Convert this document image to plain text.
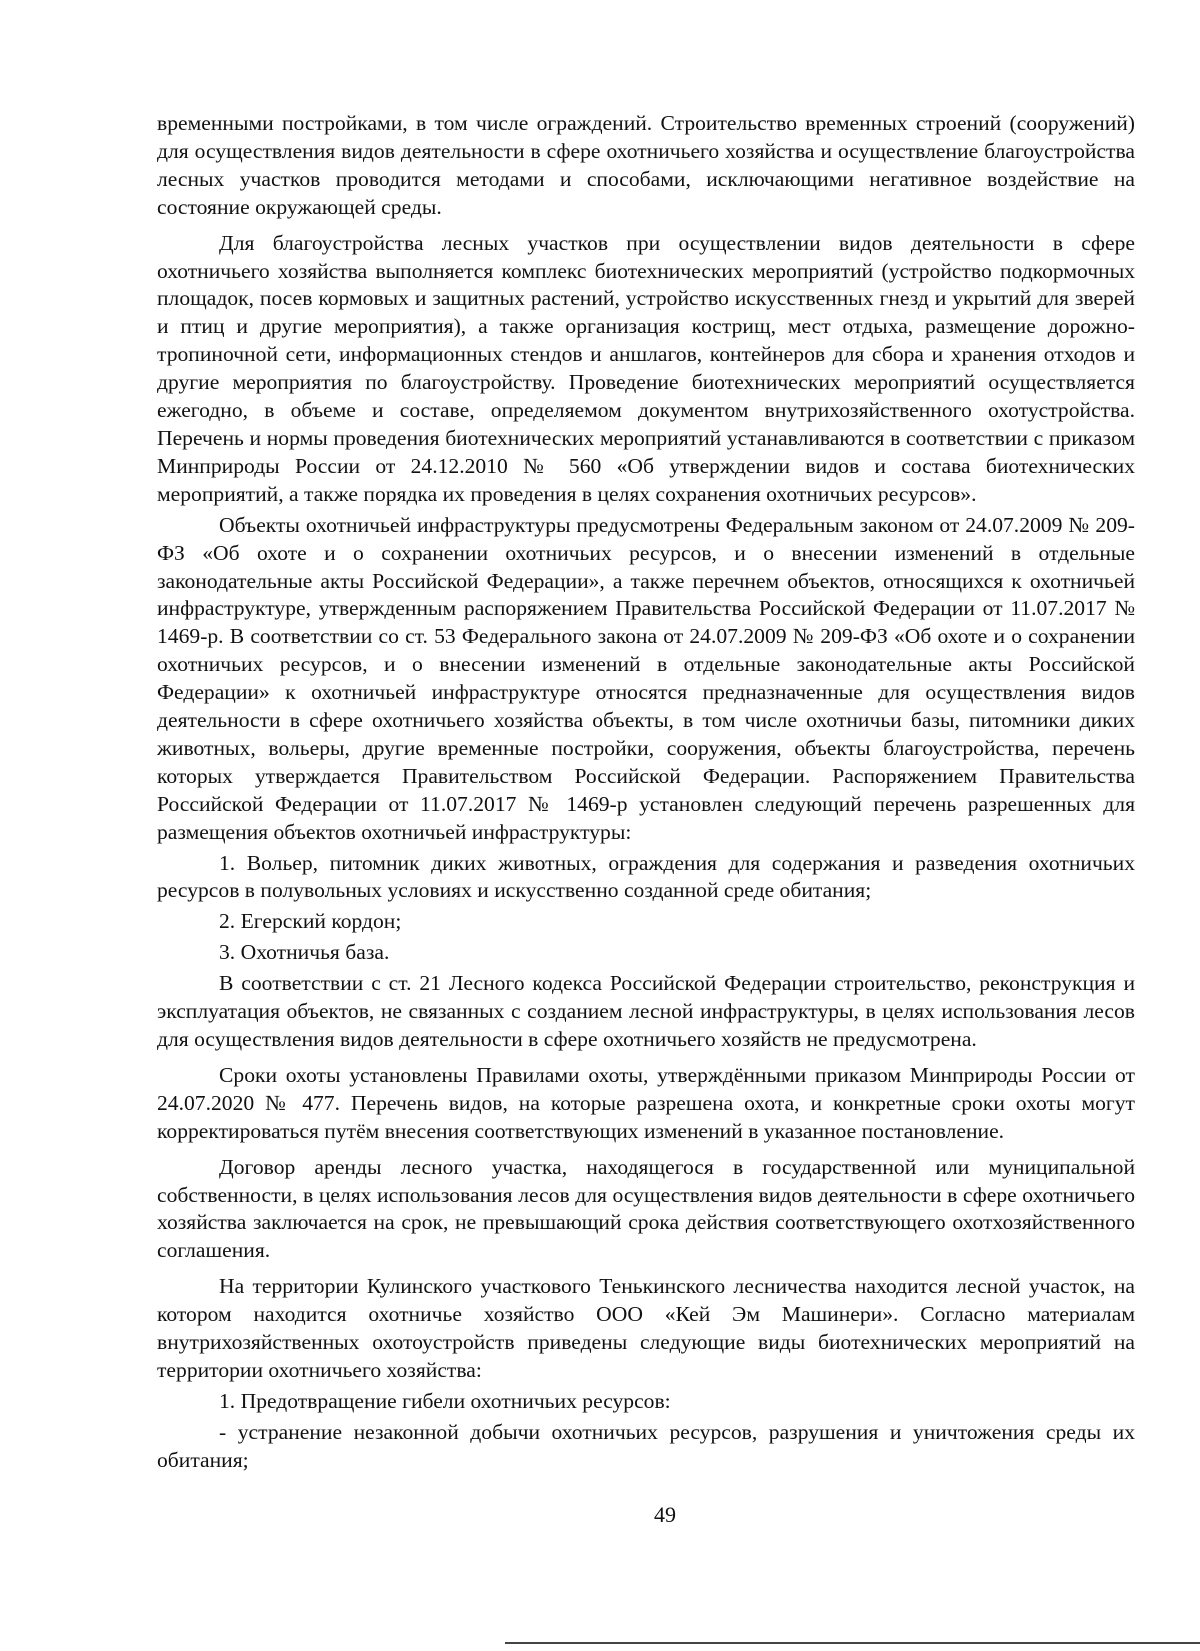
временными постройками, в том числе ограждений. Строительство временных строений (сооружений) для осуществления видов деятельности в сфере охотничьего хозяйства и осуществление благоустройства лесных участков проводится методами и способами, исключающими негативное воздействие на состояние окружающей среды.

Для благоустройства лесных участков при осуществлении видов деятельности в сфере охотничьего хозяйства выполняется комплекс биотехнических мероприятий (устройство подкормочных площадок, посев кормовых и защитных растений, устройство искусственных гнезд и укрытий для зверей и птиц и другие мероприятия), а также организация кострищ, мест отдыха, размещение дорожно-тропиночной сети, информационных стендов и аншлагов, контейнеров для сбора и хранения отходов и другие мероприятия по благоустройству. Проведение биотехнических мероприятий осуществляется ежегодно, в объеме и составе, определяемом документом внутрихозяйственного охотустройства. Перечень и нормы проведения биотехнических мероприятий устанавливаются в соответствии с приказом Минприроды России от 24.12.2010 № 560 «Об утверждении видов и состава биотехнических мероприятий, а также порядка их проведения в целях сохранения охотничьих ресурсов».

Объекты охотничьей инфраструктуры предусмотрены Федеральным законом от 24.07.2009 № 209-ФЗ «Об охоте и о сохранении охотничьих ресурсов, и о внесении изменений в отдельные законодательные акты Российской Федерации», а также перечнем объектов, относящихся к охотничьей инфраструктуре, утвержденным распоряжением Правительства Российской Федерации от 11.07.2017 № 1469-р. В соответствии со ст. 53 Федерального закона от 24.07.2009 № 209-ФЗ «Об охоте и о сохранении охотничьих ресурсов, и о внесении изменений в отдельные законодательные акты Российской Федерации» к охотничьей инфраструктуре относятся предназначенные для осуществления видов деятельности в сфере охотничьего хозяйства объекты, в том числе охотничьи базы, питомники диких животных, вольеры, другие временные постройки, сооружения, объекты благоустройства, перечень которых утверждается Правительством Российской Федерации. Распоряжением Правительства Российской Федерации от 11.07.2017 № 1469-р установлен следующий перечень разрешенных для размещения объектов охотничьей инфраструктуры:

1. Вольер, питомник диких животных, ограждения для содержания и разведения охотничьих ресурсов в полувольных условиях и искусственно созданной среде обитания;

2. Егерский кордон;

3. Охотничья база.

В соответствии с ст. 21 Лесного кодекса Российской Федерации строительство, реконструкция и эксплуатация объектов, не связанных с созданием лесной инфраструктуры, в целях использования лесов для осуществления видов деятельности в сфере охотничьего хозяйств не предусмотрена.

Сроки охоты установлены Правилами охоты, утверждёнными приказом Минприроды России от 24.07.2020 № 477. Перечень видов, на которые разрешена охота, и конкретные сроки охоты могут корректироваться путём внесения соответствующих изменений в указанное постановление.

Договор аренды лесного участка, находящегося в государственной или муниципальной собственности, в целях использования лесов для осуществления видов деятельности в сфере охотничьего хозяйства заключается на срок, не превышающий срока действия соответствующего охотхозяйственного соглашения.

На территории Кулинского участкового Тенькинского лесничества находится лесной участок, на котором находится охотничье хозяйство ООО «Кей Эм Машинери». Согласно материалам внутрихозяйственных охотоустройств приведены следующие виды биотехнических мероприятий на территории охотничьего хозяйства:

1. Предотвращение гибели охотничьих ресурсов:

- устранение незаконной добычи охотничьих ресурсов, разрушения и уничтожения среды их обитания;

49
